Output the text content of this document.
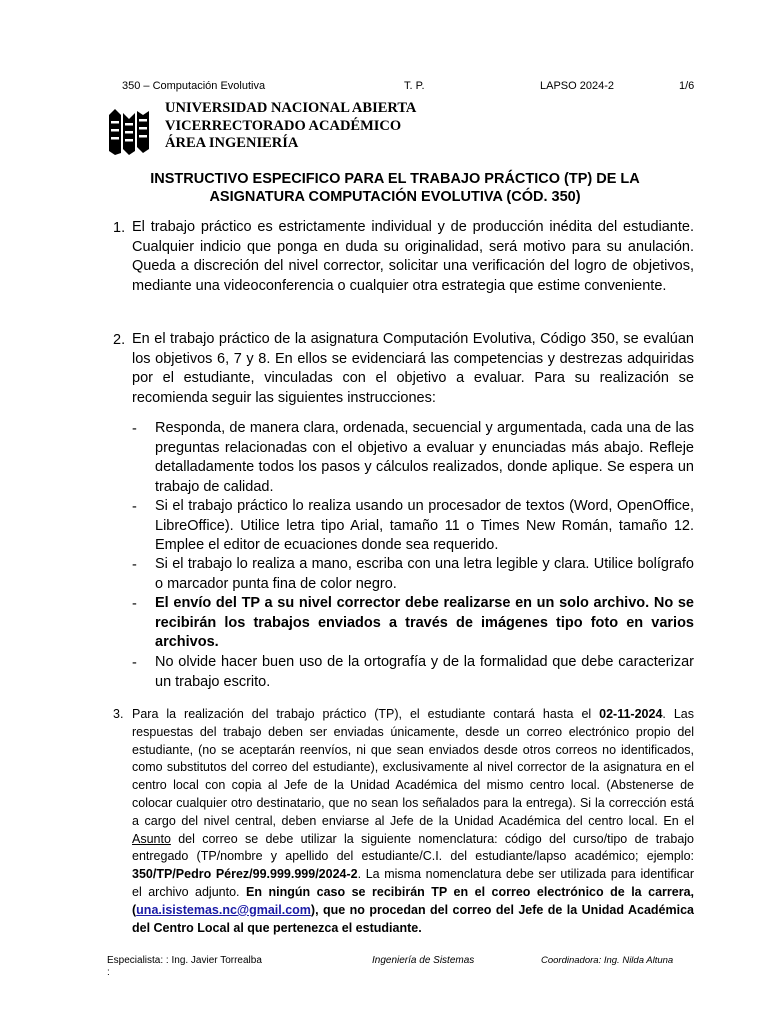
350 – Computación Evolutiva	T. P.	LAPSO 2024-2	1/6
UNIVERSIDAD NACIONAL ABIERTA
VICERRECTORADO ACADÉMICO
ÁREA INGENIERÍA
INSTRUCTIVO ESPECIFICO PARA EL TRABAJO PRÁCTICO (TP) DE LA
ASIGNATURA COMPUTACIÓN EVOLUTIVA (CÓD. 350)
1. El trabajo práctico es estrictamente individual y de producción inédita del estudiante. Cualquier indicio que ponga en duda su originalidad, será motivo para su anulación. Queda a discreción del nivel corrector, solicitar una verificación del logro de objetivos, mediante una videoconferencia o cualquier otra estrategia que estime conveniente.

2. En el trabajo práctico de la asignatura Computación Evolutiva, Código 350, se evalúan los objetivos 6, 7 y 8. En ellos se evidenciará las competencias y destrezas adquiridas por el estudiante, vinculadas con el objetivo a evaluar. Para su realización se recomienda seguir las siguientes instrucciones:

- Responda, de manera clara, ordenada, secuencial y argumentada, cada una de las preguntas relacionadas con el objetivo a evaluar y enunciadas más abajo. Refleje detalladamente todos los pasos y cálculos realizados, donde aplique. Se espera un trabajo de calidad.

- Si el trabajo práctico lo realiza usando un procesador de textos (Word, OpenOffice, LibreOffice). Utilice letra tipo Arial, tamaño 11 o Times New Román, tamaño 12. Emplee el editor de ecuaciones donde sea requerido.

- Si el trabajo lo realiza a mano, escriba con una letra legible y clara. Utilice bolígrafo o marcador punta fina de color negro.

- El envío del TP a su nivel corrector debe realizarse en un solo archivo. No se recibirán los trabajos enviados a través de imágenes tipo foto en varios archivos.

- No olvide hacer buen uso de la ortografía y de la formalidad que debe caracterizar un trabajo escrito.

3. Para la realización del trabajo práctico (TP), el estudiante contará hasta el 02-11-2024. Las respuestas del trabajo deben ser enviadas únicamente, desde un correo electrónico propio del estudiante, (no se aceptarán reenvíos, ni que sean enviados desde otros correos no identificados, como substitutos del correo del estudiante), exclusivamente al nivel corrector de la asignatura en el centro local con copia al Jefe de la Unidad Académica del mismo centro local. (Abstenerse de colocar cualquier otro destinatario, que no sean los señalados para la entrega). Si la corrección está a cargo del nivel central, deben enviarse al Jefe de la Unidad Académica del centro local. En el Asunto del correo se debe utilizar la siguiente nomenclatura: código del curso/tipo de trabajo entregado (TP/nombre y apellido del estudiante/C.I. del estudiante/lapso académico; ejemplo: 350/TP/Pedro Pérez/99.999.999/2024-2. La misma nomenclatura debe ser utilizada para identificar el archivo adjunto. En ningún caso se recibirán TP en el correo electrónico de la carrera, (una.isistemas.nc@gmail.com), que no procedan del correo del Jefe de la Unidad Académica del Centro Local al que pertenezca el estudiante.

Especialista: : Ing. Javier Torrealba
:
Ingeniería de Sistemas	Coordinadora: Ing. Nilda Altuna
